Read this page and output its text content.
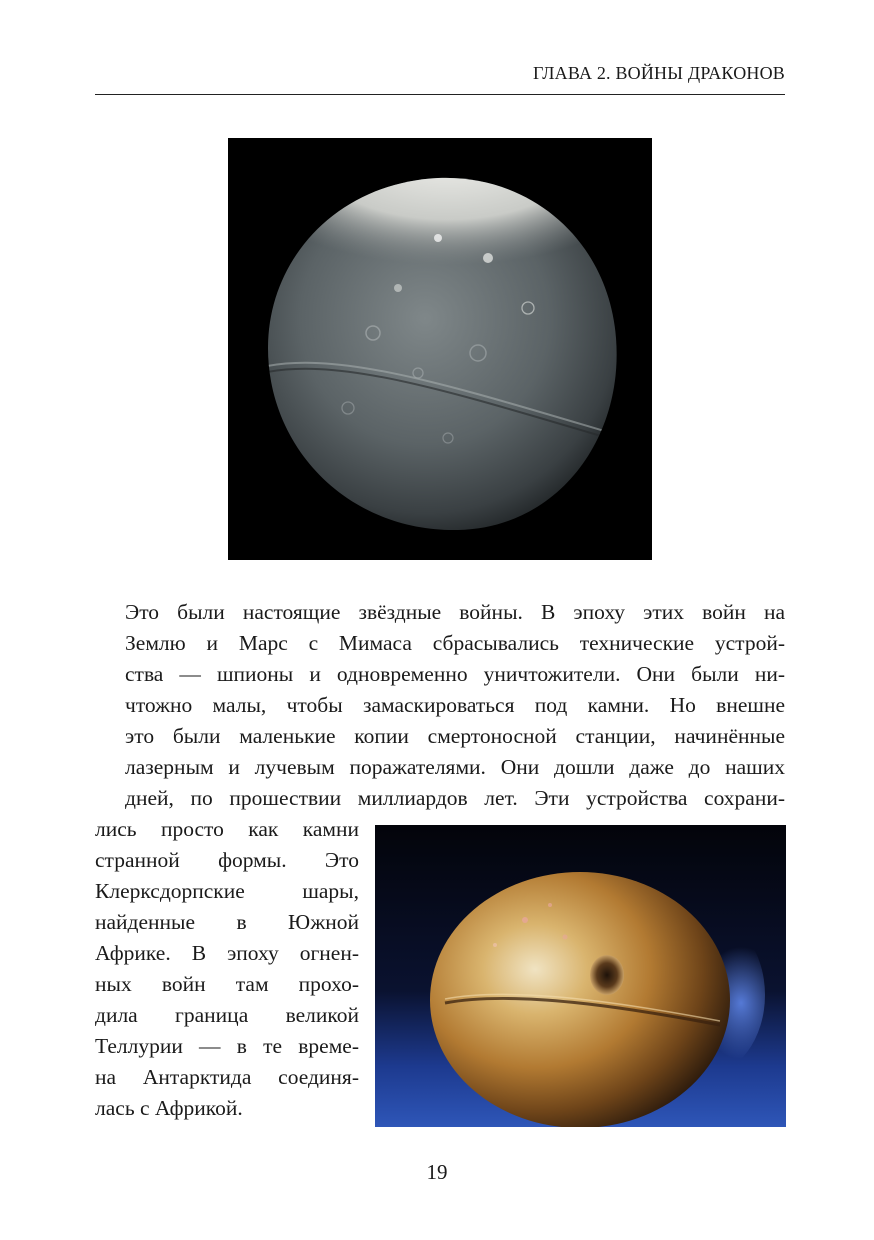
ГЛАВА 2. ВОЙНЫ ДРАКОНОВ

Это были настоящие звёздные войны. В эпоху этих войн на
Землю и Марс с Мимаса сбрасывались технические устрой-
ства — шпионы и одновременно уничтожители. Они были ни-
чтожно малы, чтобы замаскироваться под камни. Но внешне
это были маленькие копии смертоносной станции, начинённые
лазерным и лучевым поражателями. Они дошли даже до наших
дней, по прошествии миллиардов лет. Эти устройства сохрани-

лись просто как камни
странной формы. Это
Клерксдорпские шары,
найденные в Южной
Африке. В эпоху огнен-
ных войн там прохо-
дила граница великой
Теллурии — в те време-
на Антарктида соединя-
лась с Африкой.
19
